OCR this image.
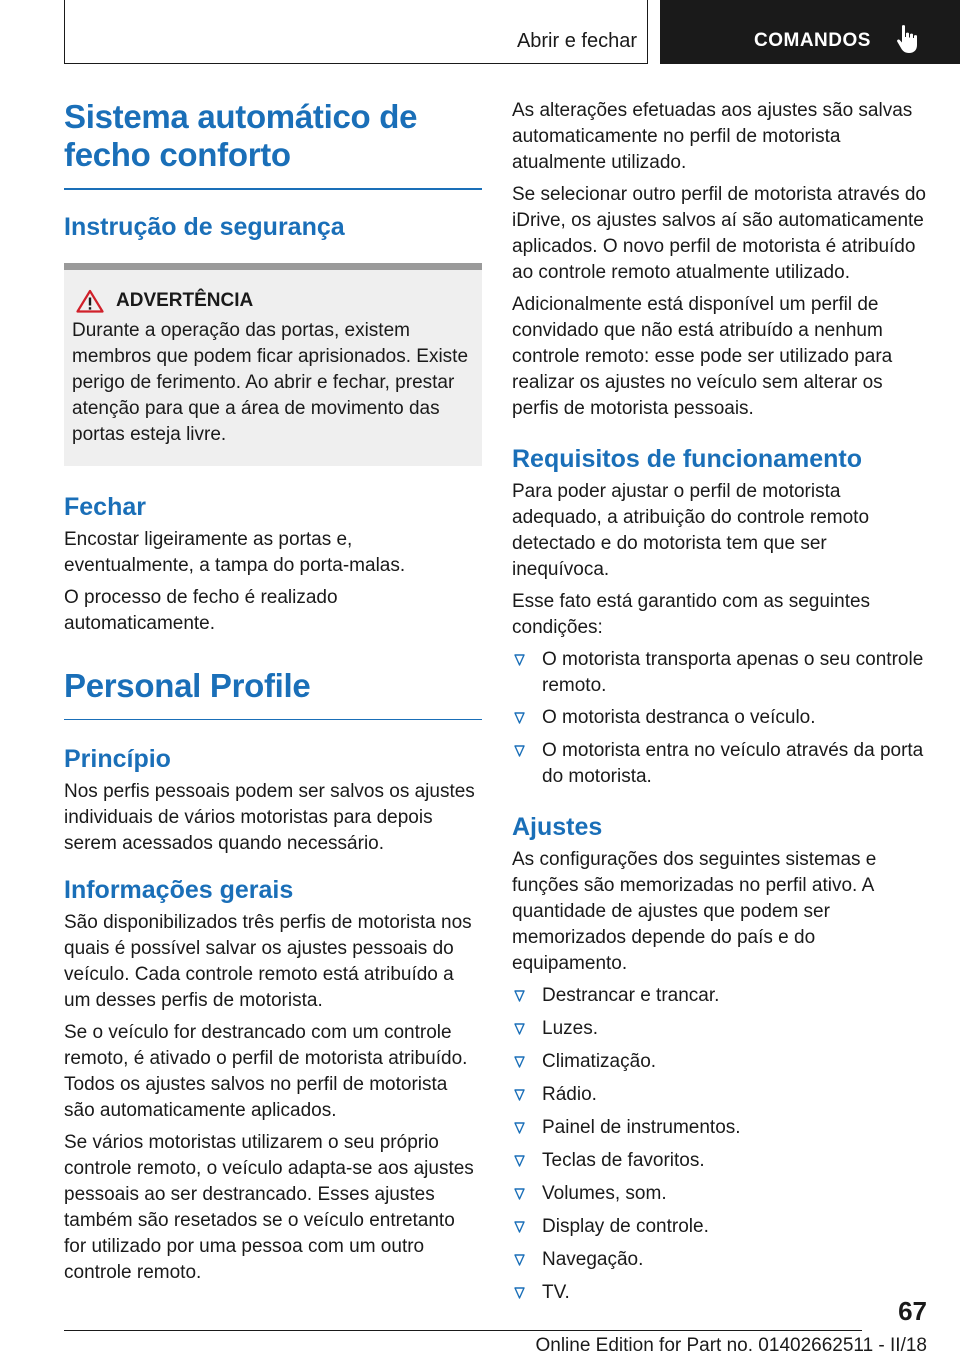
Abrir e fechar	COMANDOS
Sistema automático de fecho conforto
Instrução de segurança
ADVERTÊNCIA

Durante a operação das portas, existem membros que podem ficar aprisionados. Existe perigo de ferimento. Ao abrir e fechar, prestar atenção para que a área de movimento das portas esteja livre.

Fechar

Encostar ligeiramente as portas e, eventualmente, a tampa do porta-malas.

O processo de fecho é realizado automaticamente.

Personal Profile
Princípio

Nos perfis pessoais podem ser salvos os ajustes individuais de vários motoristas para depois serem acessados quando necessário.

Informações gerais

São disponibilizados três perfis de motorista nos quais é possível salvar os ajustes pessoais do veículo. Cada controle remoto está atribuído a um desses perfis de motorista.

Se o veículo for destrancado com um controle remoto, é ativado o perfil de motorista atribuído. Todos os ajustes salvos no perfil de motorista são automaticamente aplicados.

Se vários motoristas utilizarem o seu próprio controle remoto, o veículo adapta-se aos ajustes pessoais ao ser destrancado. Esses ajustes também são resetados se o veículo entretanto for utilizado por uma pessoa com um outro controle remoto.

As alterações efetuadas aos ajustes são salvas automaticamente no perfil de motorista atualmente utilizado.

Se selecionar outro perfil de motorista através do iDrive, os ajustes salvos aí são automaticamente aplicados. O novo perfil de motorista é atribuído ao controle remoto atualmente utilizado.

Adicionalmente está disponível um perfil de convidado que não está atribuído a nenhum controle remoto: esse pode ser utilizado para realizar os ajustes no veículo sem alterar os perfis de motorista pessoais.

Requisitos de funcionamento

Para poder ajustar o perfil de motorista adequado, a atribuição do controle remoto detectado e do motorista tem que ser inequívoca.

Esse fato está garantido com as seguintes condições:

O motorista transporta apenas o seu controle remoto.
O motorista destranca o veículo.
O motorista entra no veículo através da porta do motorista.
Ajustes

As configurações dos seguintes sistemas e funções são memorizadas no perfil ativo. A quantidade de ajustes que podem ser memorizados depende do país e do equipamento.

Destrancar e trancar.
Luzes.
Climatização.
Rádio.
Painel de instrumentos.
Teclas de favoritos.
Volumes, som.
Display de controle.
Navegação.
TV.
67
Online Edition for Part no. 01402662511 - II/18
